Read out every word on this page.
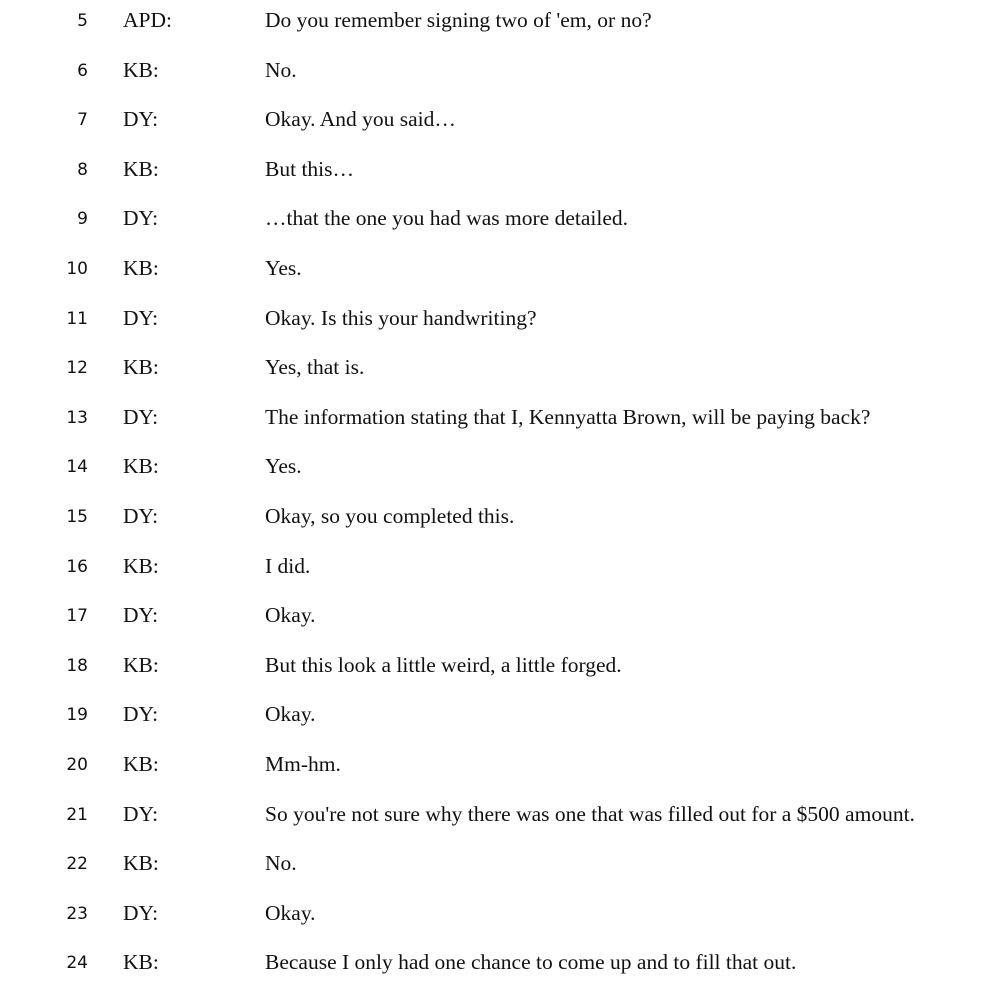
5 APD:	Do you remember signing two of 'em, or no?
6 KB:	No.
7 DY:	Okay. And you said…
8 KB:	But this…
9 DY:	…that the one you had was more detailed.
10 KB:	Yes.
11 DY:	Okay. Is this your handwriting?
12 KB:	Yes, that is.
13 DY:	The information stating that I, Kennyatta Brown, will be paying back?
14 KB:	Yes.
15 DY:	Okay, so you completed this.
16 KB:	I did.
17 DY:	Okay.
18 KB:	But this look a little weird, a little forged.
19 DY:	Okay.
20 KB:	Mm-hm.
21 DY:	So you're not sure why there was one that was filled out for a $500 amount.
22 KB:	No.
23 DY:	Okay.
24 KB:	Because I only had one chance to come up and to fill that out.
